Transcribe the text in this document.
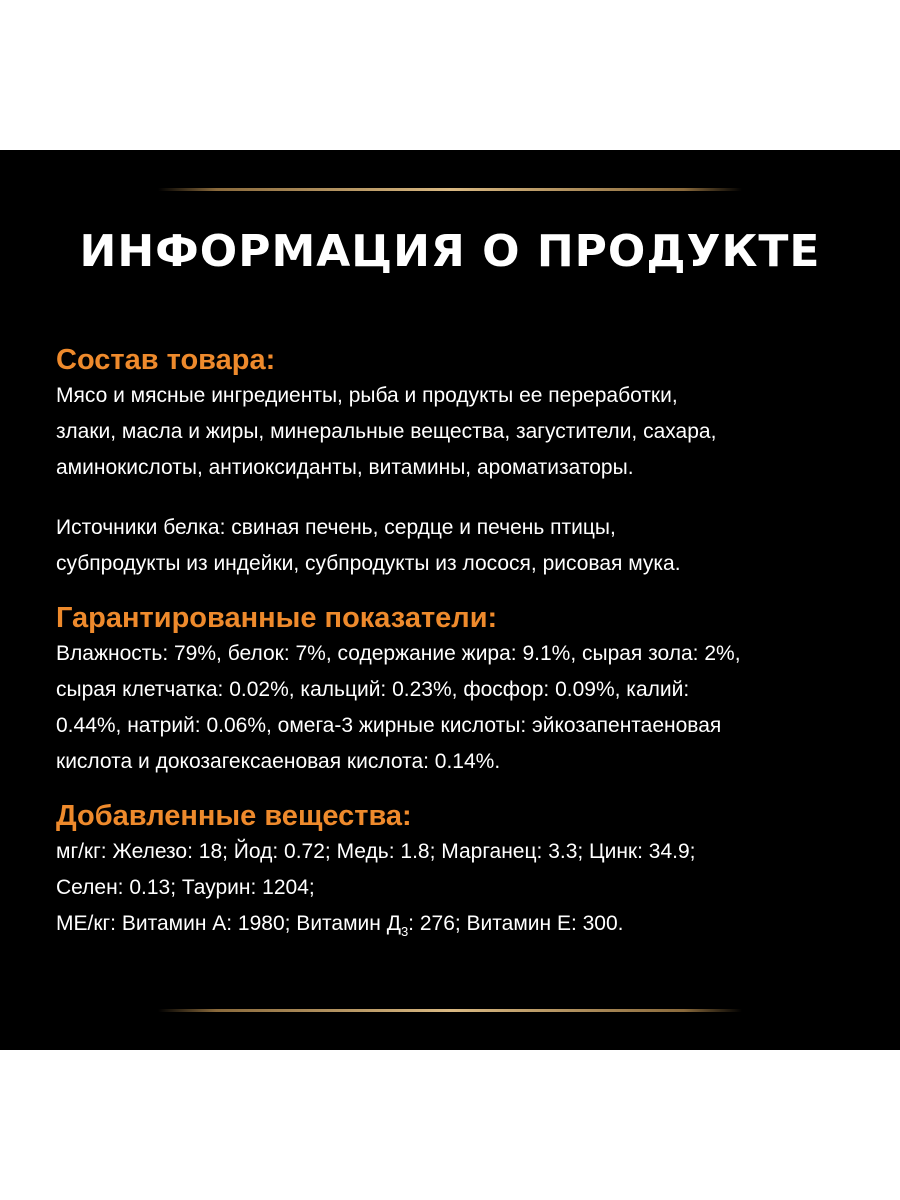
ИНФОРМАЦИЯ О ПРОДУКТЕ
Состав товара:
Мясо и мясные ингредиенты, рыба и продукты ее переработки,
злаки, масла и жиры, минеральные вещества, загустители, сахара,
аминокислоты, антиоксиданты, витамины, ароматизаторы.
Источники белка: свиная печень, сердце и печень птицы,
субпродукты из индейки, субпродукты из лосося, рисовая мука.
Гарантированные показатели:
Влажность: 79%, белок: 7%, содержание жира: 9.1%, сырая зола: 2%,
сырая клетчатка: 0.02%, кальций: 0.23%, фосфор: 0.09%, калий:
0.44%, натрий: 0.06%, омега-3 жирные кислоты: эйкозапентаеновая
кислота и докозагексаеновая кислота: 0.14%.
Добавленные вещества:
мг/кг: Железо: 18; Йод: 0.72; Медь: 1.8; Марганец: 3.3; Цинк: 34.9;
Селен: 0.13; Таурин: 1204;
МЕ/кг: Витамин А: 1980; Витамин $Д_3$: 276; Витамин Е: 300.
